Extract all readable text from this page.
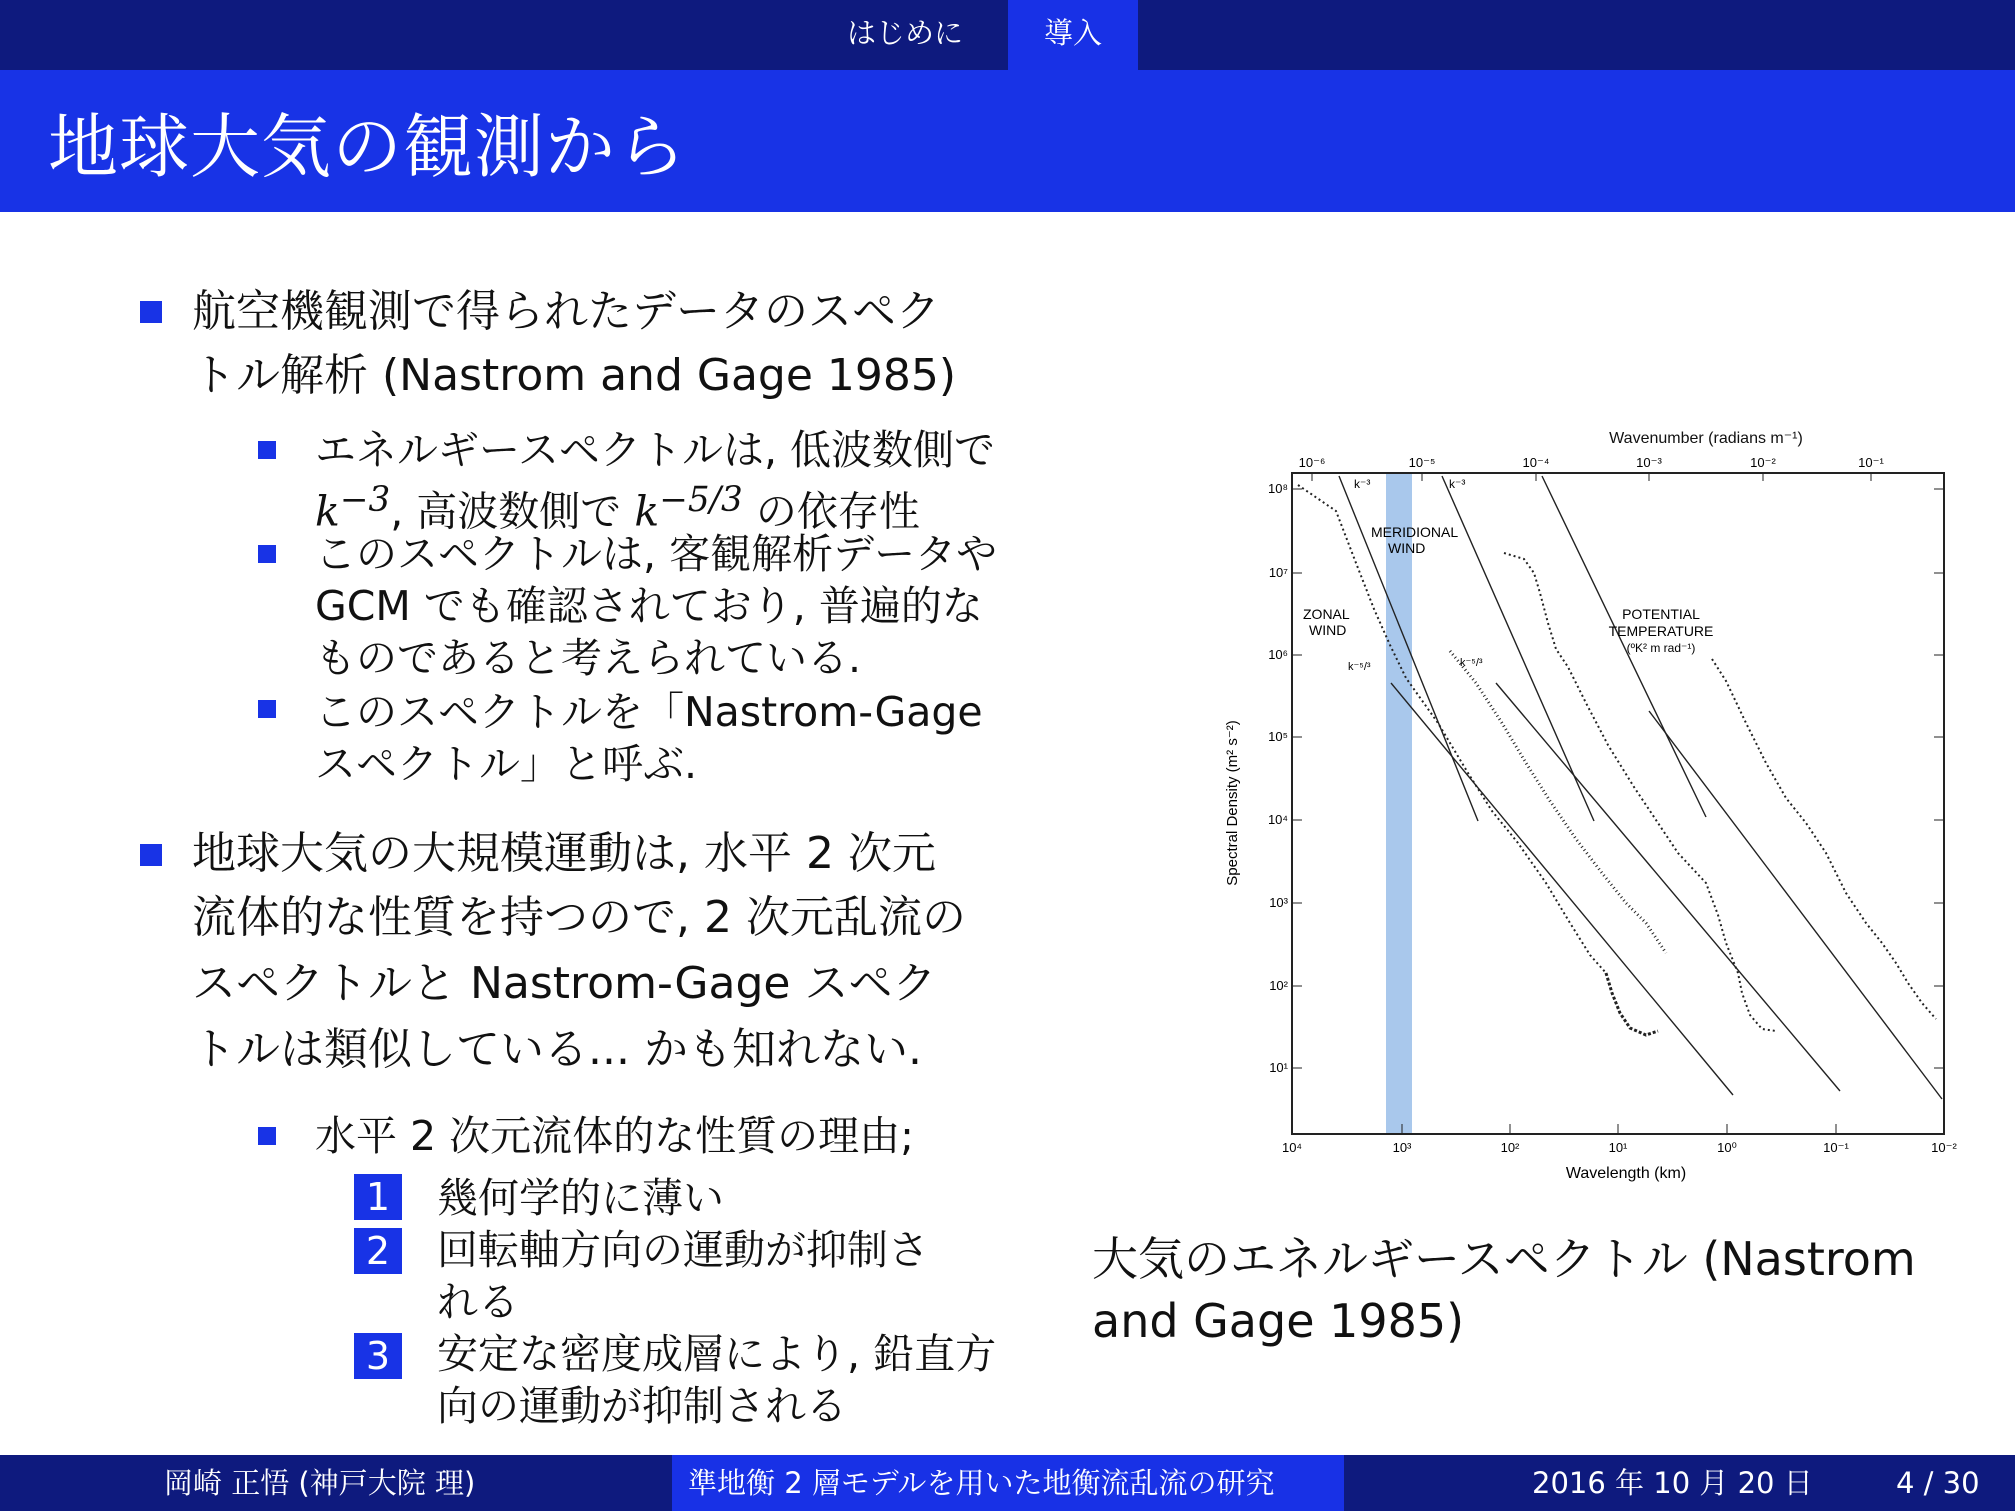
はじめに	導入
地球大気の観測から
航空機観測で得られたデータのスペク
トル解析 (Nastrom and Gage 1985)
エネルギースペクトルは, 低波数側で
$k^{-3}$, 高波数側で $k^{-5/3}$ の依存性
このスペクトルは, 客観解析データや
GCM でも確認されており, 普遍的な
ものであると考えられている.
このスペクトルを「Nastrom-Gage
スペクトル」と呼ぶ.
地球大気の大規模運動は, 水平 2 次元
流体的な性質を持つので, 2 次元乱流の
スペクトルと Nastrom-Gage スペク
トルは類似している... かも知れない.
水平 2 次元流体的な性質の理由;
1 幾何学的に薄い
2 回転軸方向の運動が抑制さ
れる
3 安定な密度成層により, 鉛直方
向の運動が抑制される
Wavenumber (radians m⁻¹)
10⁻⁶	10⁻⁵	10⁻⁴	10⁻³	10⁻²	10⁻¹
10⁸
10⁷
10⁶
10⁵
10⁴
10³
10²
10¹
Spectral Density (m² s⁻²)
10⁴	10³	10²	10¹	10⁰	10⁻¹	10⁻²
Wavelength (km)
k⁻³	k⁻³
MERIDIONAL
WIND
ZONAL
WIND
k⁻⁵/³	k⁻⁵/³
POTENTIAL
TEMPERATURE
(ºK² m rad⁻¹)
大気のエネルギースペクトル (Nastrom
and Gage 1985)
岡崎 正悟 (神戸大院 理)	準地衡 2 層モデルを用いた地衡流乱流の研究	2016 年 10 月 20 日	4 / 30
